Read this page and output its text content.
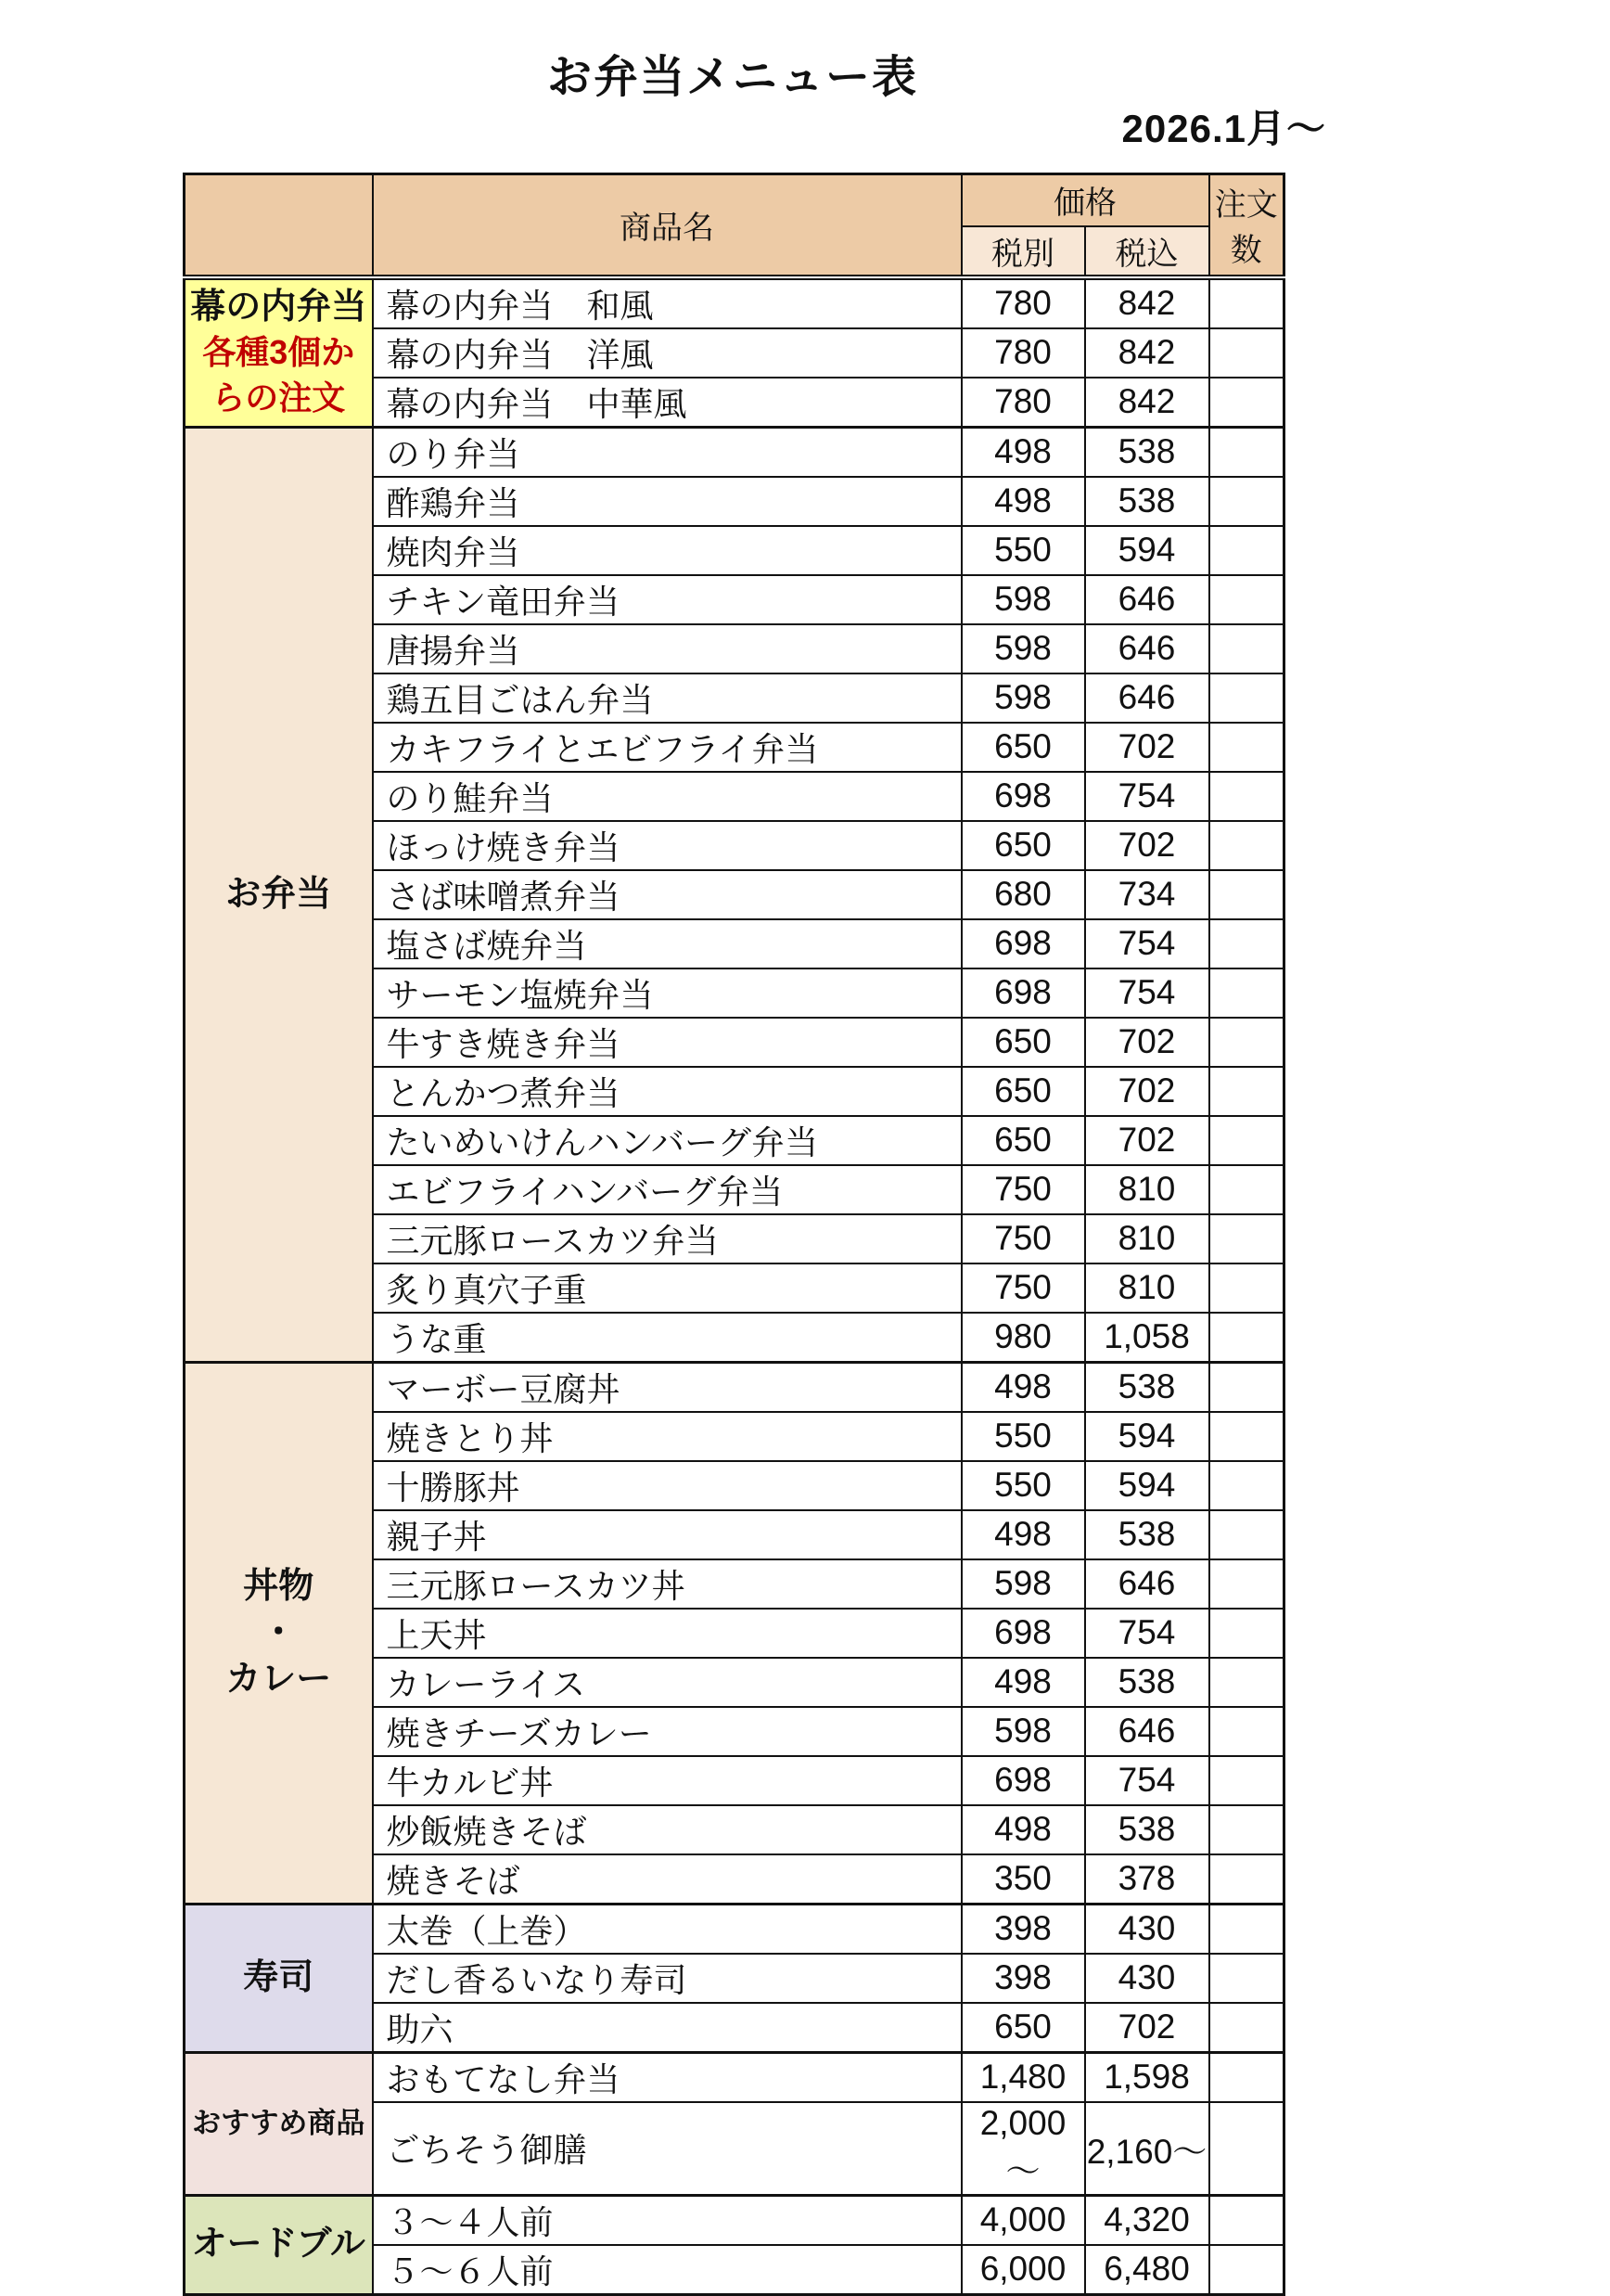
お弁当メニュー表
2026.1月～
	商品名	価格		注文数
		税別	税込	

幕の内弁当
各種3個からの注文	幕の内弁当　和風	780	842	
	幕の内弁当　洋風	780	842	
	幕の内弁当　中華風	780	842	

お弁当	のり弁当	498	538	
	酢鶏弁当	498	538	
	焼肉弁当	550	594	
	チキン竜田弁当	598	646	
	唐揚弁当	598	646	
	鶏五目ごはん弁当	598	646	
	カキフライとエビフライ弁当	650	702	
	のり鮭弁当	698	754	
	ほっけ焼き弁当	650	702	
	さば味噌煮弁当	680	734	
	塩さば焼弁当	698	754	
	サーモン塩焼弁当	698	754	
	牛すき焼き弁当	650	702	
	とんかつ煮弁当	650	702	
	たいめいけんハンバーグ弁当	650	702	
	エビフライハンバーグ弁当	750	810	
	三元豚ロースカツ弁当	750	810	
	炙り真穴子重	750	810	
	うな重	980	1,058	

丼物
・
カレー	マーボー豆腐丼	498	538	
	焼きとり丼	550	594	
	十勝豚丼	550	594	
	親子丼	498	538	
	三元豚ロースカツ丼	598	646	
	上天丼	698	754	
	カレーライス	498	538	
	焼きチーズカレー	598	646	
	牛カルビ丼	698	754	
	炒飯焼きそば	498	538	
	焼きそば	350	378	

寿司	太巻（上巻）	398	430	
	だし香るいなり寿司	398	430	
	助六	650	702	

おすすめ商品	おもてなし弁当	1,480	1,598	
	ごちそう御膳	2,000～	2,160～	

オードブル	３～４人前	4,000	4,320	
	５～６人前	6,000	6,480	
